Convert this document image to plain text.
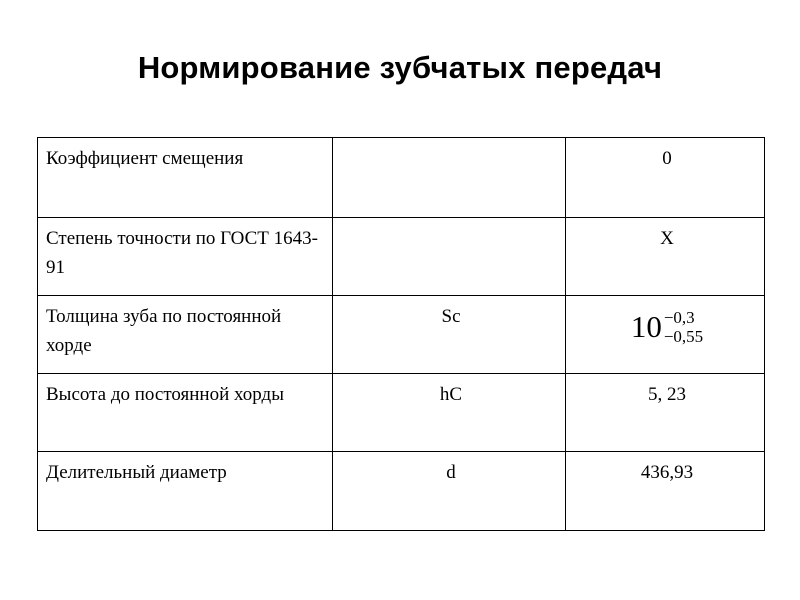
Нормирование зубчатых передач
Коэффициент смещения		0
Степень точности по ГОСТ 1643-91		Х
Толщина зуба по постоянной хорде	Sc	10 −0,3
−0,55

Высота до постоянной хорды	hC	5, 23
Делительный диаметр	d	436,93
